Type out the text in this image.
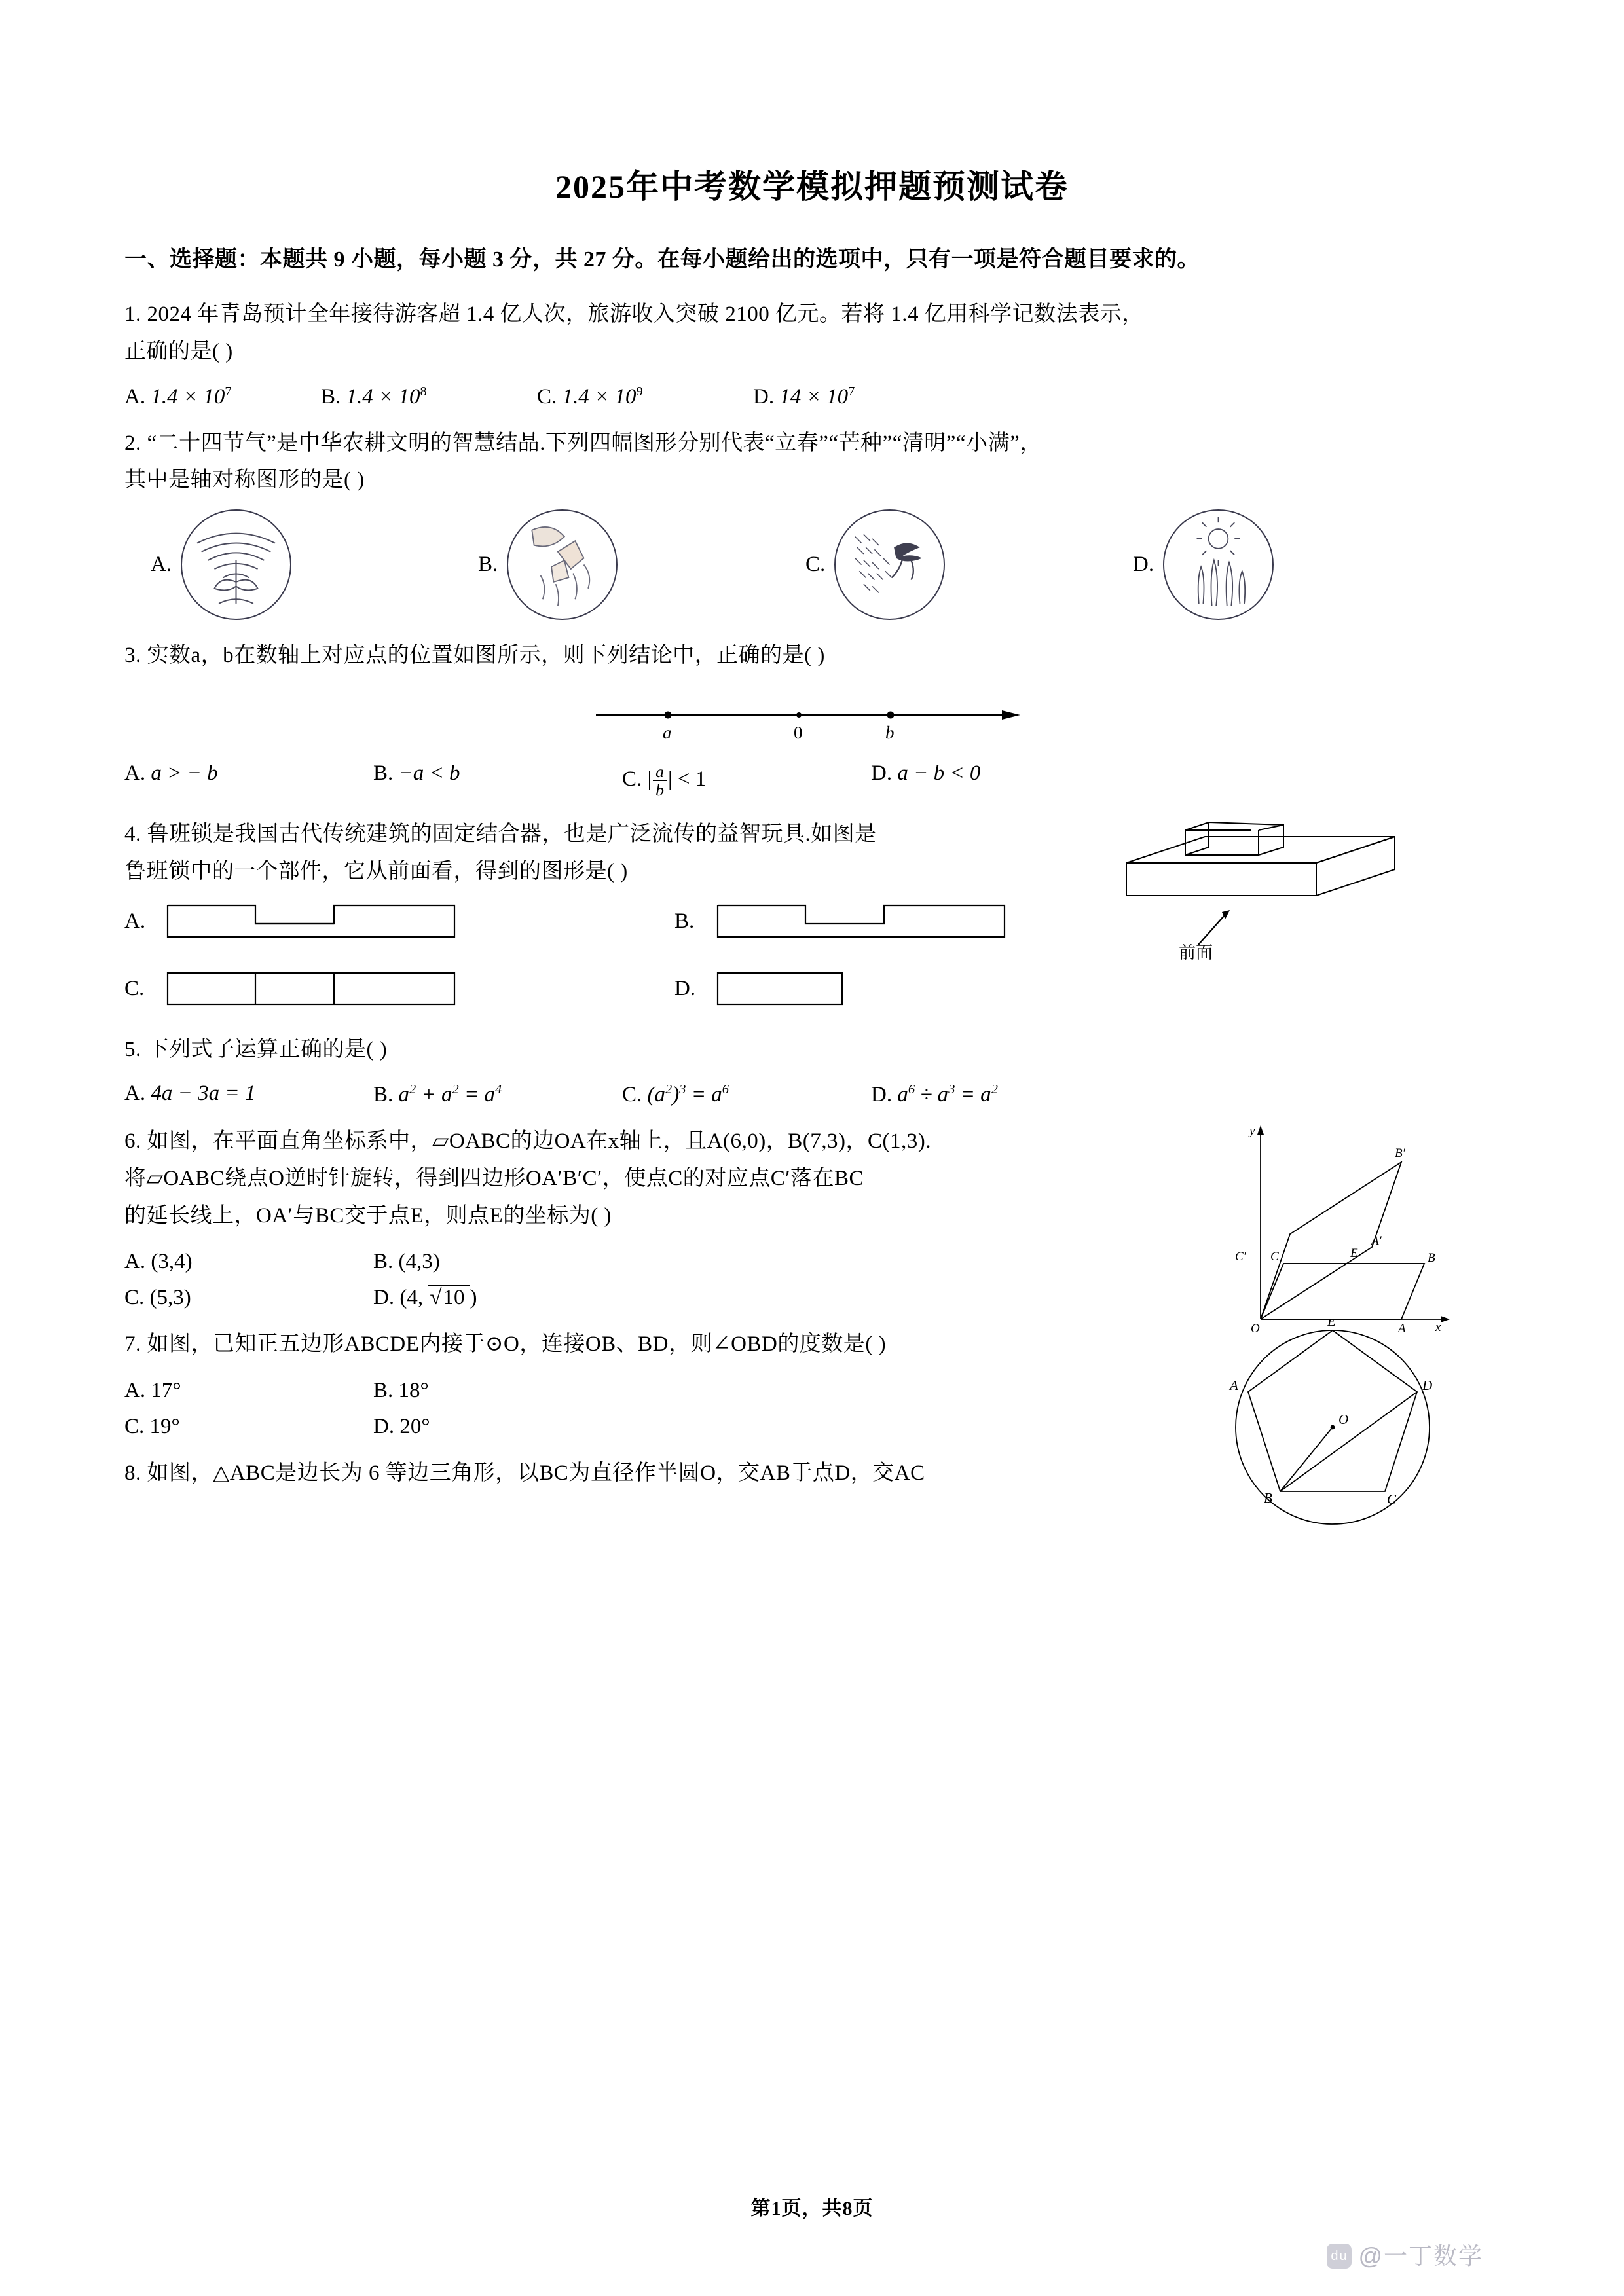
2025年中考数学模拟押题预测试卷
一、选择题：本题共 9 小题，每小题 3 分，共 27 分。在每小题给出的选项中，只有一项是符合题目要求的。
1. 2024 年青岛预计全年接待游客超 1.4 亿人次，旅游收入突破 2100 亿元。若将 1.4 亿用科学记数法表示，
正确的是( )
A. $1.4 \times 10^7$	B. $1.4 \times 10^8$	C. $1.4 \times 10^9$	D. $14 \times 10^7$
2. “二十四节气”是中华农耕文明的智慧结晶.下列四幅图形分别代表“立春”“芒种”“清明”“小满”，
其中是轴对称图形的是( )
A.	B.	C.	D.
3. 实数a，b在数轴上对应点的位置如图所示，则下列结论中，正确的是( )
a	0	b
A. a > − b	B. −a < b	C. | $\frac{a}{b}$ | < 1	D. a − b < 0
4. 鲁班锁是我国古代传统建筑的固定结合器，也是广泛流传的益智玩具.如图是
鲁班锁中的一个部件，它从前面看，得到的图形是( )
前面
A.	B.
C.	D.
5. 下列式子运算正确的是( )
A. 4a − 3a = 1	B. $a^2 + a^2 = a^4$	C. $(a^2)^3 = a^6$	D. $a^6 \div a^3 = a^2$
6. 如图，在平面直角坐标系中，▱OABC的边OA在x轴上，且A(6,0)，B(7,3)，C(1,3).
将▱OABC绕点O逆时针旋转，得到四边形OA′B′C′，使点C的对应点C′落在BC
的延长线上，OA′与BC交于点E，则点E的坐标为( )
y
x
O	A
B
C
C′
B′
A′
E
A. (3,4)	B. (4,3)
C. (5,3)	D. (4, √10 )
7. 如图，已知正五边形ABCDE内接于⊙O，连接OB、BD，则∠OBD的度数是( )
E
A	D
O
B	C
A. 17°	B. 18°
C. 19°	D. 20°
8. 如图，△ABC是边长为 6 等边三角形，以BC为直径作半圆O，交AB于点D，交AC
第1页，共8页
du @一丁数学
